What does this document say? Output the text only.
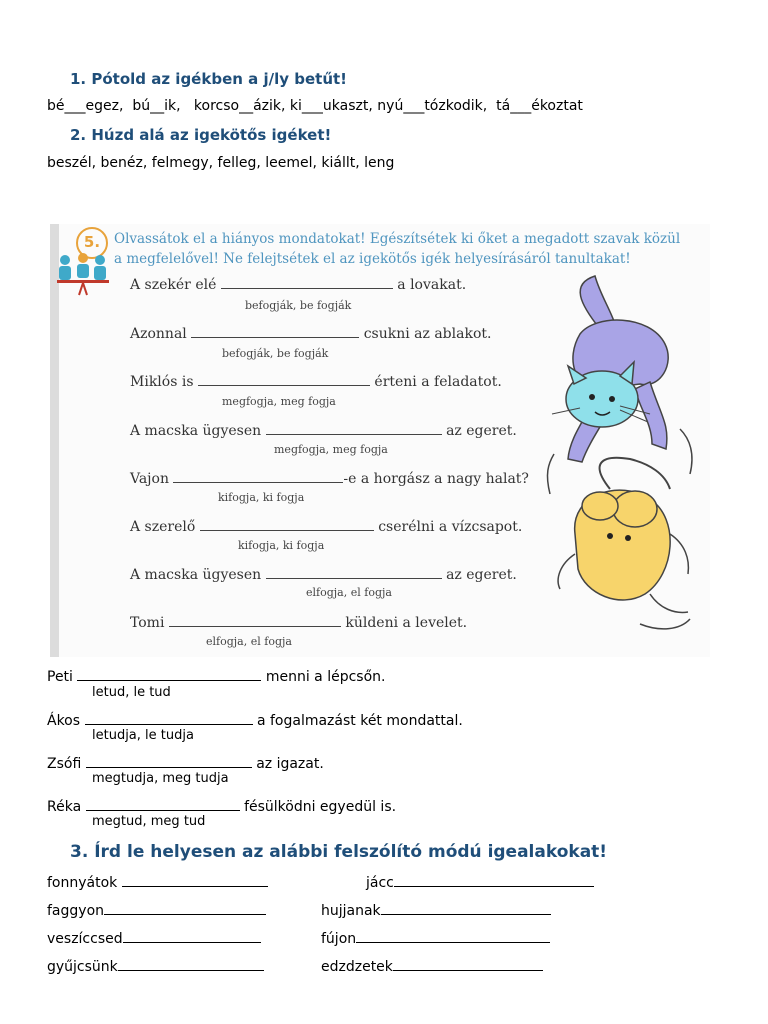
1. Pótold az igékben a j/ly betűt!
bé___egez, bú__ik, korcso__ázik, ki___ukaszt, nyú___tózkodik, tá___ékoztat
2. Húzd alá az igekötős igéket!
beszél, benéz, felmegy, felleg, leemel, kiállt, leng
5.	Olvassátok el a hiányos mondatokat! Egészítsétek ki őket a megadott szavak közül
a megfelelővel! Ne felejtsétek el az igekötős igék helyesírásáról tanultakat!
A szekér elé	a lovakat.
befogják, be fogják
Azonnal	csukni az ablakot.
befogják, be fogják
Miklós is	érteni a feladatot.
megfogja, meg fogja
A macska ügyesen	az egeret.
megfogja, meg fogja
Vajon	-e a horgász a nagy halat?
kifogja, ki fogja
A szerelő	cserélni a vízcsapot.
kifogja, ki fogja
A macska ügyesen	az egeret.
elfogja, el fogja
Tomi	küldeni a levelet.
elfogja, el fogja
Peti	menni a lépcsőn.
letud, le tud
Ákos	a fogalmazást két mondattal.
letudja, le tudja
Zsófi	az igazat.
megtudja, meg tudja
Réka	fésülködni egyedül is.
megtud, meg tud
3. Írd le helyesen az alábbi felszólító módú igealakokat!
fonnyátok	jácc
faggyon	hujjanak
veszíccsed	fújon
gyűjcsünk	edzdzetek
